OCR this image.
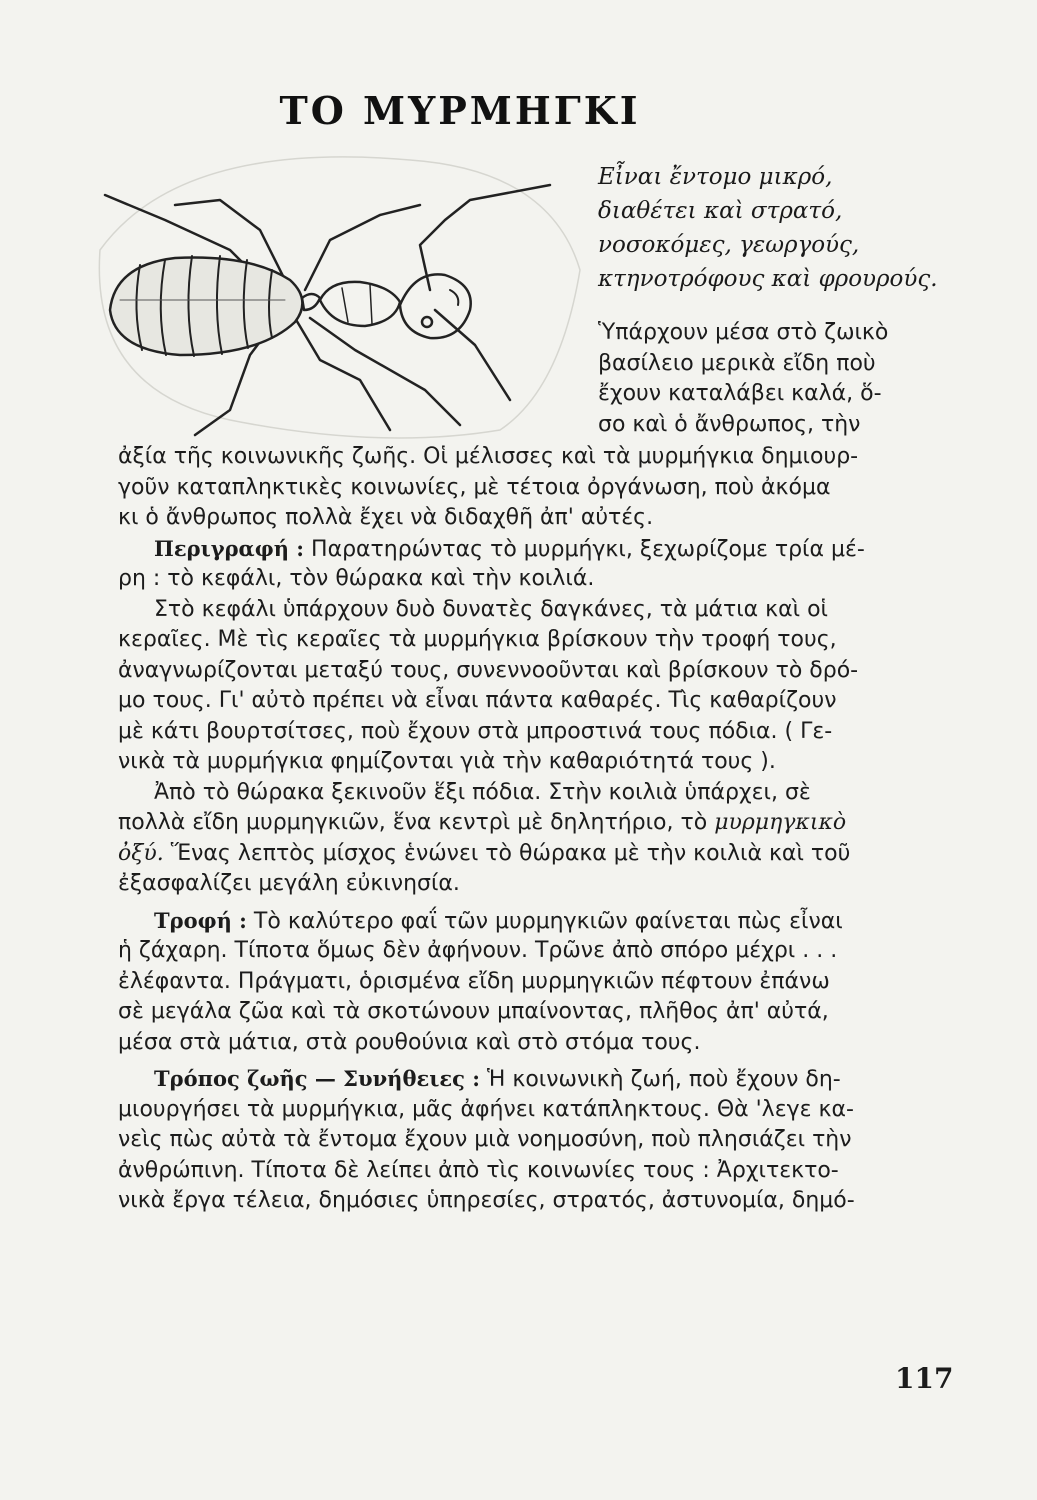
ΤΟ ΜΥΡΜΗΓΚΙ
Εἶναι ἔντομο μικρό,
διαθέτει καὶ στρατό,
νοσοκόμες, γεωργούς,
κτηνοτρόφους καὶ φρουρούς.
Ὑπάρχουν μέσα στὸ ζωικὸ
βασίλειο μερικὰ εἴδη ποὺ
ἔχουν καταλάβει καλά, ὅ-
σο καὶ ὁ ἄνθρωπος, τὴν
ἀξία τῆς κοινωνικῆς ζωῆς. Οἱ μέλισσες καὶ τὰ μυρμήγκια δημιουρ-
γοῦν καταπληκτικὲς κοινωνίες, μὲ τέτοια ὀργάνωση, ποὺ ἀκόμα
κι ὁ ἄνθρωπος πολλὰ ἔχει νὰ διδαχθῆ ἀπ' αὐτές.
Περιγραφή : Παρατηρώντας τὸ μυρμήγκι, ξεχωρίζομε τρία μέ-
ρη : τὸ κεφάλι, τὸν θώρακα καὶ τὴν κοιλιά.
Στὸ κεφάλι ὑπάρχουν δυὸ δυνατὲς δαγκάνες, τὰ μάτια καὶ οἱ
κεραῖες. Μὲ τὶς κεραῖες τὰ μυρμήγκια βρίσκουν τὴν τροφή τους,
ἀναγνωρίζονται μεταξύ τους, συνεννοοῦνται καὶ βρίσκουν τὸ δρό-
μο τους. Γι' αὐτὸ πρέπει νὰ εἶναι πάντα καθαρές. Τὶς καθαρίζουν
μὲ κάτι βουρτσίτσες, ποὺ ἔχουν στὰ μπροστινά τους πόδια. ( Γε-
νικὰ τὰ μυρμήγκια φημίζονται γιὰ τὴν καθαριότητά τους ).
Ἀπὸ τὸ θώρακα ξεκινοῦν ἕξι πόδια. Στὴν κοιλιὰ ὑπάρχει, σὲ
πολλὰ εἴδη μυρμηγκιῶν, ἕνα κεντρὶ μὲ δηλητήριο, τὸ μυρμηγκικὸ
ὀξύ. Ἕνας λεπτὸς μίσχος ἑνώνει τὸ θώρακα μὲ τὴν κοιλιὰ καὶ τοῦ
ἐξασφαλίζει μεγάλη εὐκινησία.
Τροφή : Τὸ καλύτερο φαΐ τῶν μυρμηγκιῶν φαίνεται πὼς εἶναι
ἡ ζάχαρη. Τίποτα ὅμως δὲν ἀφήνουν. Τρῶνε ἀπὸ σπόρο μέχρι . . .
ἐλέφαντα. Πράγματι, ὁρισμένα εἴδη μυρμηγκιῶν πέφτουν ἐπάνω
σὲ μεγάλα ζῶα καὶ τὰ σκοτώνουν μπαίνοντας, πλῆθος ἀπ' αὐτά,
μέσα στὰ μάτια, στὰ ρουθούνια καὶ στὸ στόμα τους.
Τρόπος ζωῆς — Συνήθειες : Ἡ κοινωνικὴ ζωή, ποὺ ἔχουν δη-
μιουργήσει τὰ μυρμήγκια, μᾶς ἀφήνει κατάπληκτους. Θὰ 'λεγε κα-
νεὶς πὼς αὐτὰ τὰ ἔντομα ἔχουν μιὰ νοημοσύνη, ποὺ πλησιάζει τὴν
ἀνθρώπινη. Τίποτα δὲ λείπει ἀπὸ τὶς κοινωνίες τους : Ἀρχιτεκτο-
νικὰ ἔργα τέλεια, δημόσιες ὑπηρεσίες, στρατός, ἀστυνομία, δημό-
117
